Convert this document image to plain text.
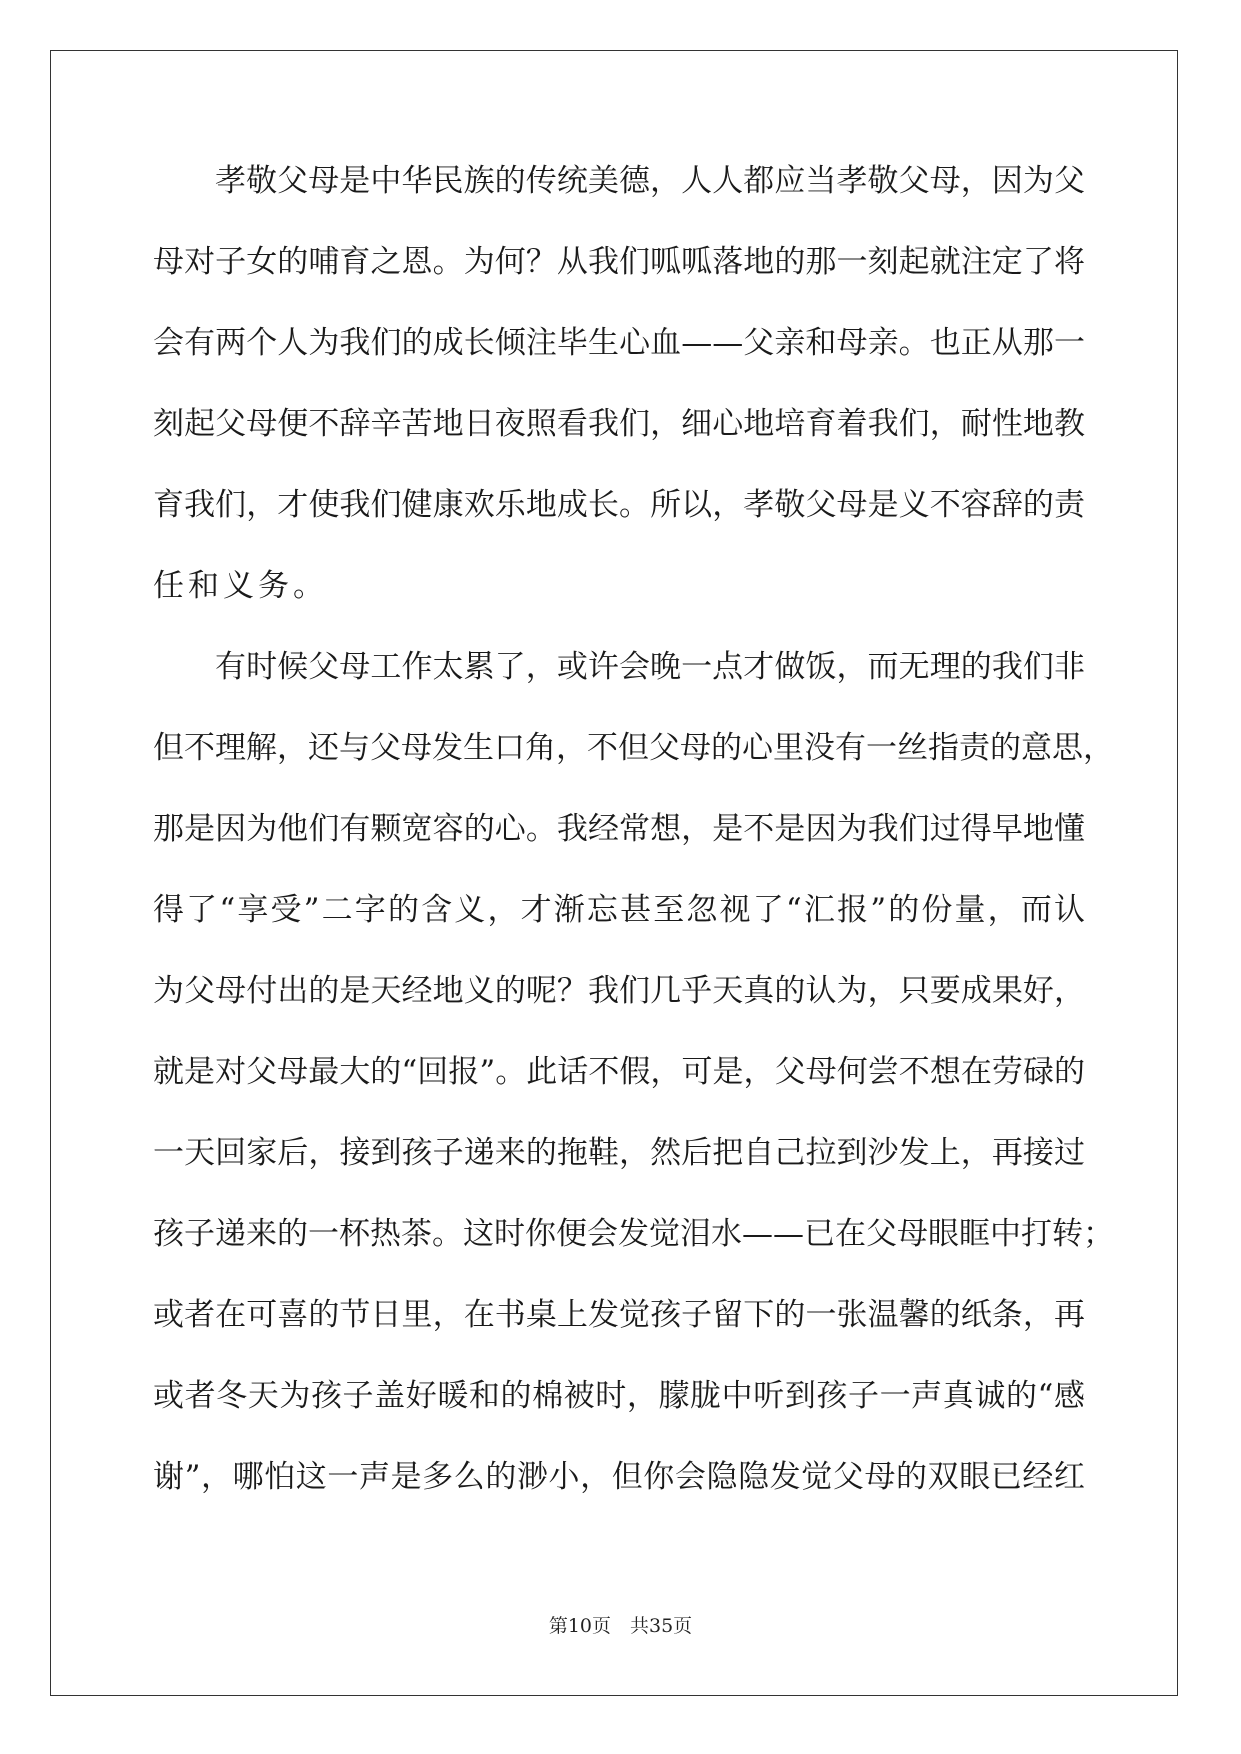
孝敬父母是中华民族的传统美德，人人都应当孝敬父母，因为父
母对子女的哺育之恩。为何？从我们呱呱落地的那一刻起就注定了将
会有两个人为我们的成长倾注毕生心血——父亲和母亲。也正从那一
刻起父母便不辞辛苦地日夜照看我们，细心地培育着我们，耐性地教
育我们，才使我们健康欢乐地成长。所以，孝敬父母是义不容辞的责
任和义务。
有时候父母工作太累了，或许会晚一点才做饭，而无理的我们非
但不理解，还与父母发生口角，不但父母的心里没有一丝指责的意思，
那是因为他们有颗宽容的心。我经常想，是不是因为我们过得早地懂
得了“享受”二字的含义，才渐忘甚至忽视了“汇报”的份量，而认
为父母付出的是天经地义的呢？我们几乎天真的认为，只要成果好，
就是对父母最大的“回报”。此话不假，可是，父母何尝不想在劳碌的
一天回家后，接到孩子递来的拖鞋，然后把自己拉到沙发上，再接过
孩子递来的一杯热茶。这时你便会发觉泪水——已在父母眼眶中打转；
或者在可喜的节日里，在书桌上发觉孩子留下的一张温馨的纸条，再
或者冬天为孩子盖好暖和的棉被时，朦胧中听到孩子一声真诚的“感
谢”，哪怕这一声是多么的渺小，但你会隐隐发觉父母的双眼已经红
第10页　共35页
